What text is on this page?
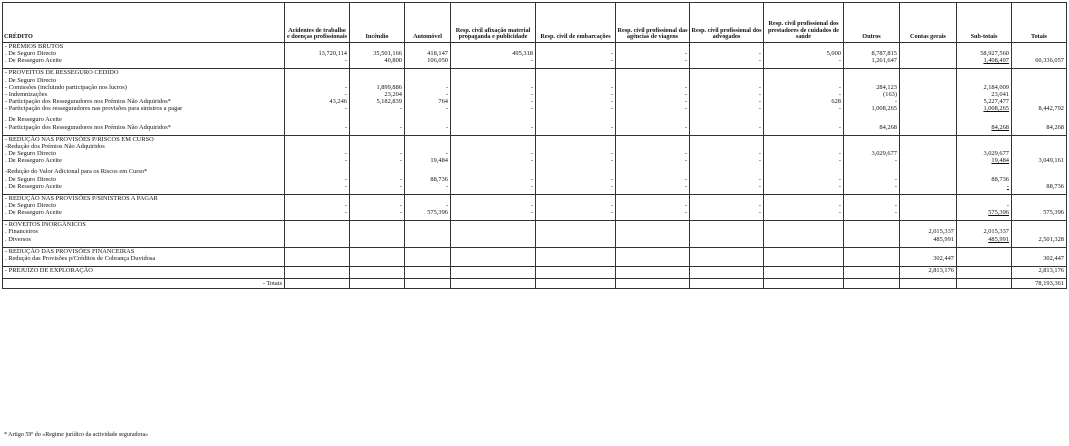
CRÉDITO	Acidentes de trabalho e doenças profissionais	Incêndio	Automóvel	Resp. civil afixação material propaganda e publicidade	Resp. civil de embarcações	Resp. civil profissional das agências de viagens	Resp. civil profissional dos advogados	Resp. civil profissional dos prestadores de cuidados de saúde	Outros	Contas gerais	Sub-totais	Totais
- PRÉMIOS BRUTOS												
. De Seguro Directo	13,720,114	35,501,166	418,147	495,318	-	-	-	5,000	8,787,815		58,927,560	
. De Resseguro Aceite	-	40,800	106,050	-	-	-	-	-	1,261,647		1,408,497	60,336,057

- PROVEITOS DE RESSEGURO CEDIDO												
. De Seguro Directo												
- Comissões (incluindo participação nos lucros)	-	1,899,886	-	-	-	-	-	-	284,123		2,184,009	
- Indemnizações	-	23,204	-	-	-	-	-	-	(163)		23,041	
- Participação dos Resseguradores nos Prémios Não Adquiridos*	43,246	5,182,839	764	-	-	-	-	628	-		5,227,477	
- Participação dos resseguradores nas provisões para sinistros a pagar	-	-	-	-	-	-	-	-	1,008,265		1,008,265	8,442,792

. De Resseguro Aceite												
- Participação dos Resseguradores nos Prémios Não Adquiridos*	-	-	-	-	-	-	-	-	84,268		84,268	84,268

- REDUÇÃO NAS PROVISÕES P/RISCOS EM CURSO												
-Redução dos Prémios Não Adquiridos												
. De Seguro Directo	-	-	-	-	-	-	-	-	3,029,677		3,029,677	
. De Resseguro Aceite	-	-	19,484	-	-	-	-	-	-		19,484	3,049,161

-Redução do Valor Adicional para os Riscos em Curso*												
. De Seguro Directo	-	-	88,736	-	-	-	-	-	-		88,736	
. De Resseguro Aceite	-	-	-	-	-	-	-	-	-		-	88,736

- REDUÇÃO NAS PROVISÕES P/SINISTROS A PAGAR												
. De Seguro Directo	-	-	-	-	-	-	-	-	-		-	
. De Resseguro Aceite	-	-	575,396	-	-	-	-	-	-		575,396	575,396

- ROVEITOS INORGÂNICOS												
. Financeiros										2,015,337	2,015,337	
. Diversos										485,991	485,991	2,501,328

- REDUÇÃO DAS PROVISÕES FINANCEIRAS												
. Redução das Provisões p/Créditos de Cobrança Duvidosa										302,447		302,447

- PREJUÍZO DE EXPLORAÇÃO										2,813,176		2,813,176

- Totais												78,193,361
* Artigo 59º do «Regime jurídico da actividade seguradora»
